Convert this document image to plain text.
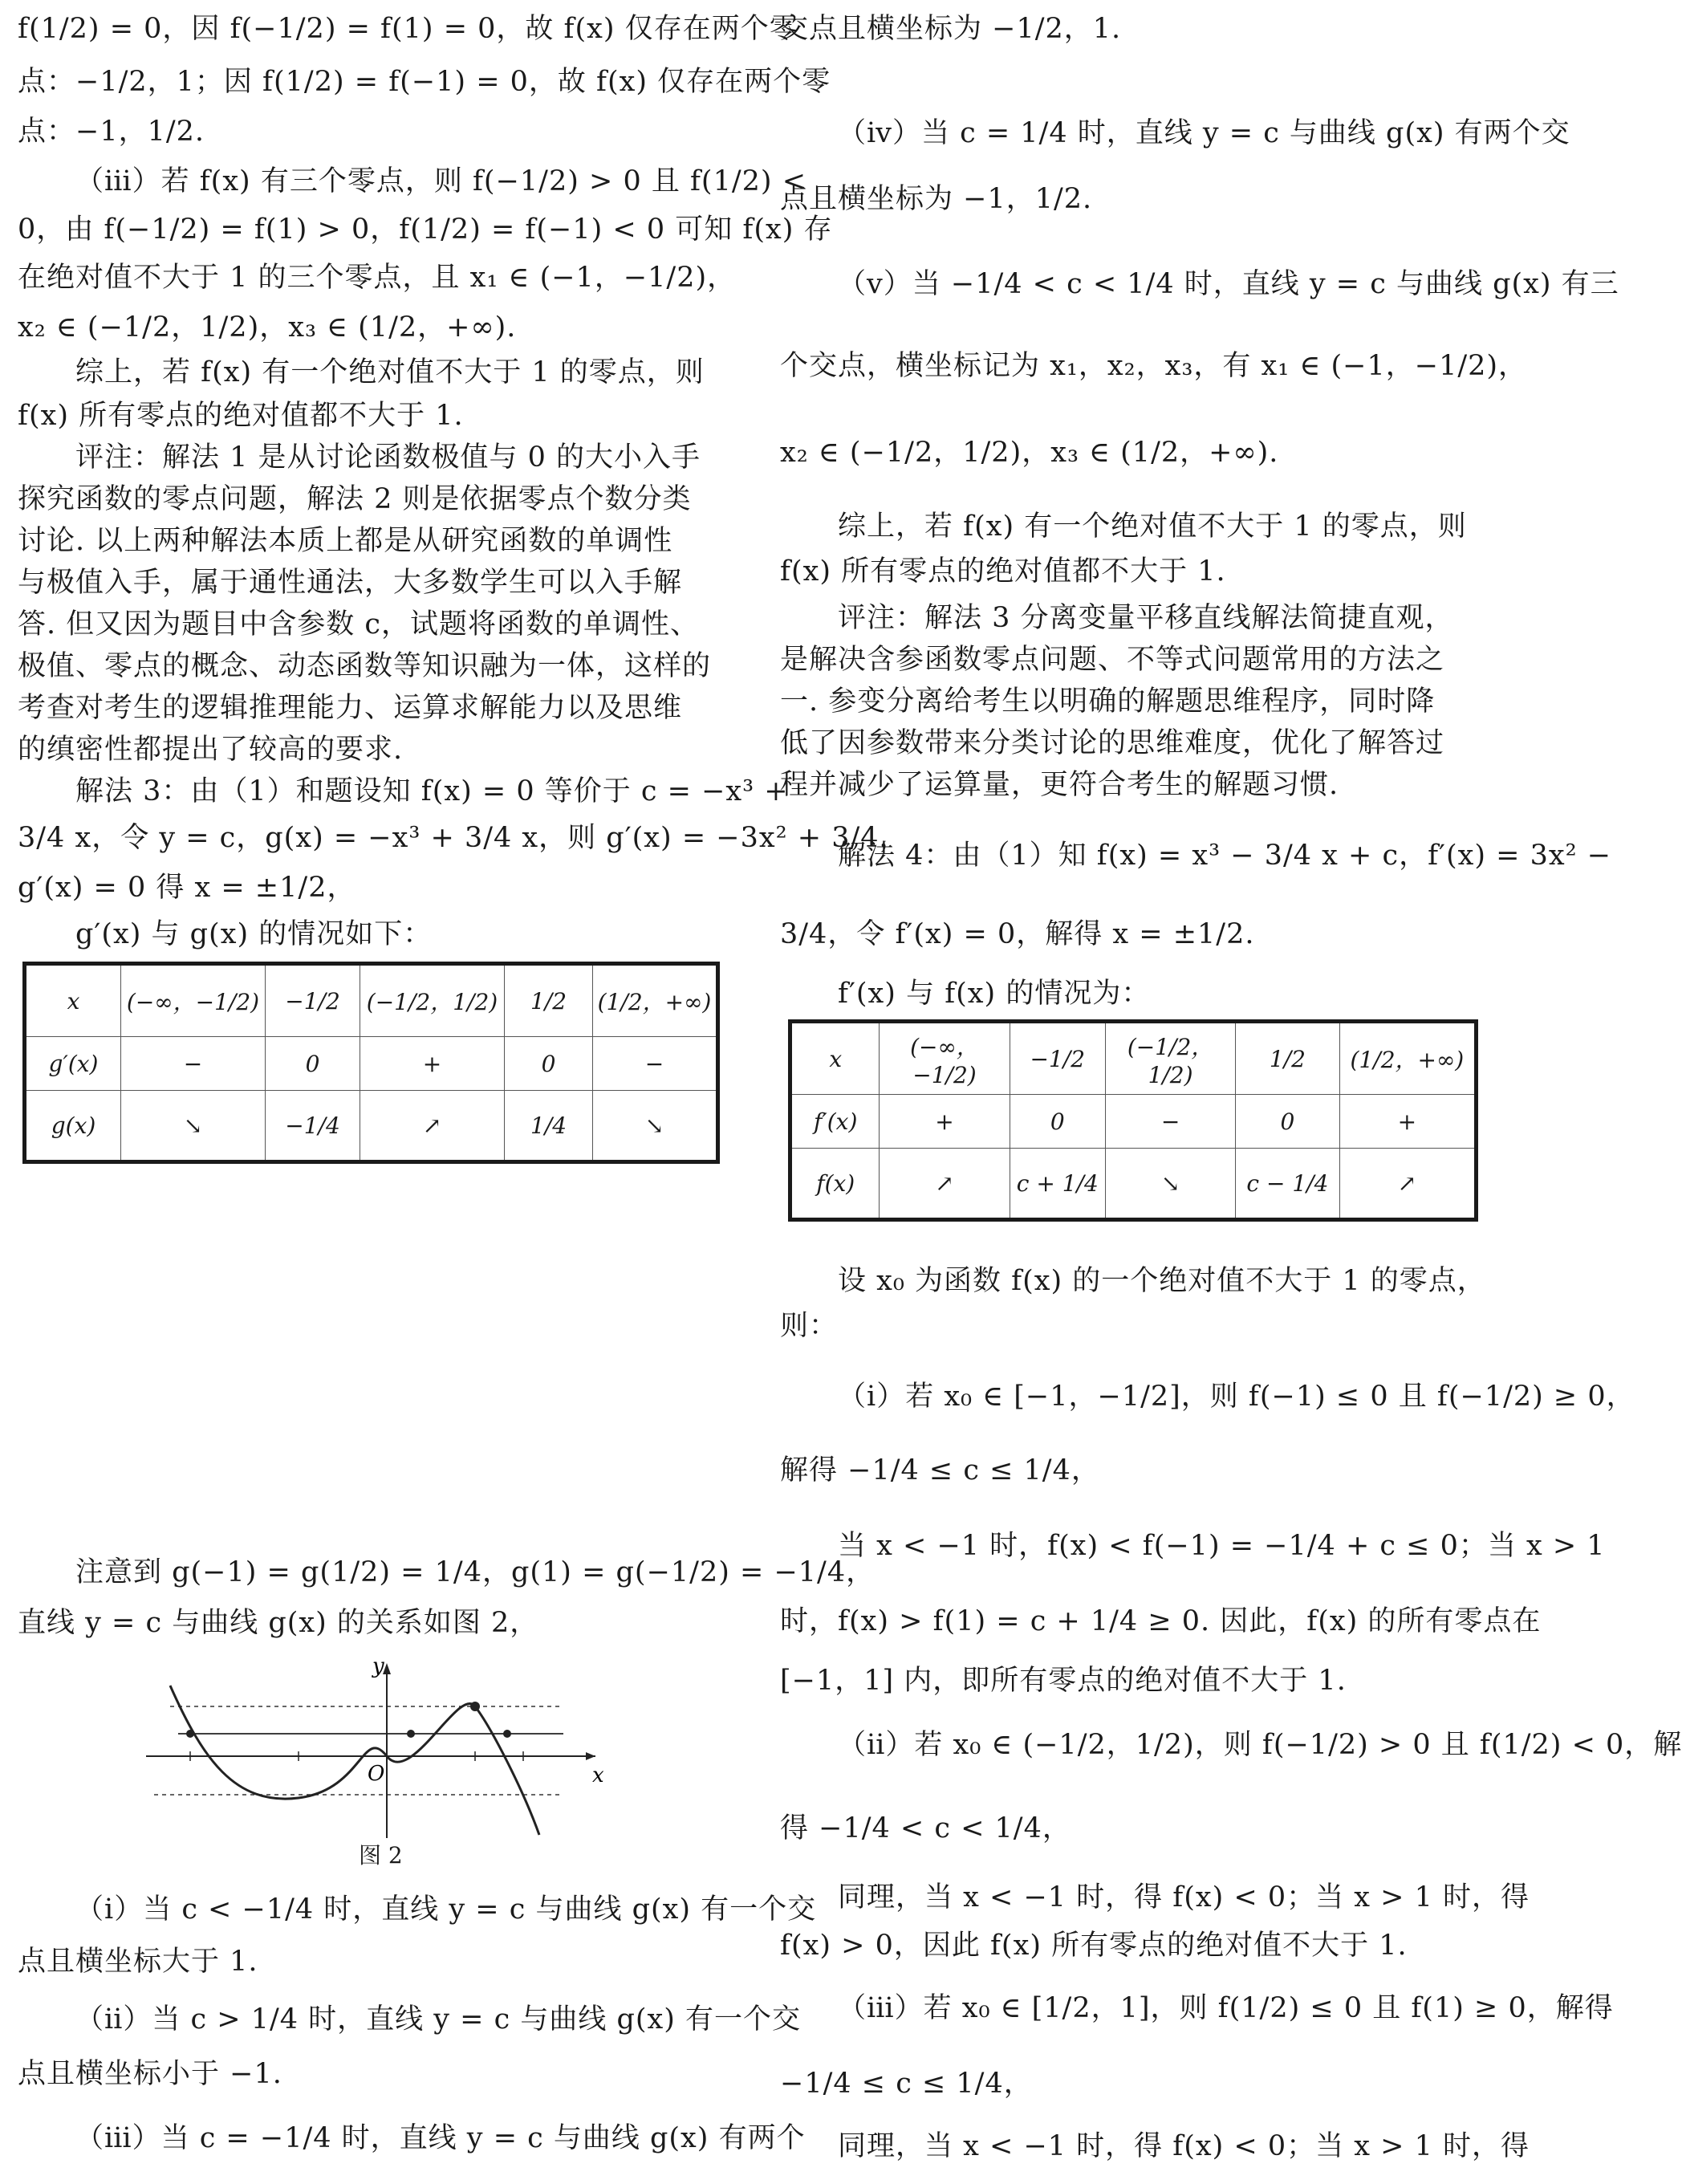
f(1/2) = 0，因 f(−1/2) = f(1) = 0，故 f(x) 仅存在两个零
点：−1/2，1；因 f(1/2) = f(−1) = 0，故 f(x) 仅存在两个零
点：−1，1/2.
（ⅲ）若 f(x) 有三个零点，则 f(−1/2) > 0 且 f(1/2) <
0，由 f(−1/2) = f(1) > 0，f(1/2) = f(−1) < 0 可知 f(x) 存
在绝对值不大于 1 的三个零点，且 x₁ ∈ (−1，−1/2)，
x₂ ∈ (−1/2，1/2)，x₃ ∈ (1/2，+∞).
综上，若 f(x) 有一个绝对值不大于 1 的零点，则
f(x) 所有零点的绝对值都不大于 1.
评注：解法 1 是从讨论函数极值与 0 的大小入手
探究函数的零点问题，解法 2 则是依据零点个数分类
讨论. 以上两种解法本质上都是从研究函数的单调性
与极值入手，属于通性通法，大多数学生可以入手解
答. 但又因为题目中含参数 c，试题将函数的单调性、
极值、零点的概念、动态函数等知识融为一体，这样的
考查对考生的逻辑推理能力、运算求解能力以及思维
的缜密性都提出了较高的要求.
解法 3：由（1）和题设知 f(x) = 0 等价于 c = −x³ +
3/4 x，令 y = c，g(x) = −x³ + 3/4 x，则 g′(x) = −3x² + 3/4，
g′(x) = 0 得 x = ±1/2，
g′(x) 与 g(x) 的情况如下：
x	(−∞，−1/2)	−1/2	(−1/2，1/2)	1/2	(1/2，+∞)
g′(x)	−	0	+	0	−
g(x)	↘	−1/4	↗	1/4	↘
注意到 g(−1) = g(1/2) = 1/4，g(1) = g(−1/2) = −1/4，
直线 y = c 与曲线 g(x) 的关系如图 2，
x
y
O
图 2
（ⅰ）当 c < −1/4 时，直线 y = c 与曲线 g(x) 有一个交
点且横坐标大于 1.
（ⅱ）当 c > 1/4 时，直线 y = c 与曲线 g(x) 有一个交
点且横坐标小于 −1.
（ⅲ）当 c = −1/4 时，直线 y = c 与曲线 g(x) 有两个
交点且横坐标为 −1/2，1.
（ⅳ）当 c = 1/4 时，直线 y = c 与曲线 g(x) 有两个交
点且横坐标为 −1，1/2.
（ⅴ）当 −1/4 < c < 1/4 时，直线 y = c 与曲线 g(x) 有三
个交点，横坐标记为 x₁，x₂，x₃，有 x₁ ∈ (−1，−1/2)，
x₂ ∈ (−1/2，1/2)，x₃ ∈ (1/2，+∞).
综上，若 f(x) 有一个绝对值不大于 1 的零点，则
f(x) 所有零点的绝对值都不大于 1.
评注：解法 3 分离变量平移直线解法简捷直观，
是解决含参函数零点问题、不等式问题常用的方法之
一. 参变分离给考生以明确的解题思维程序，同时降
低了因参数带来分类讨论的思维难度，优化了解答过
程并减少了运算量，更符合考生的解题习惯.
解法 4：由（1）知 f(x) = x³ − 3/4 x + c，f′(x) = 3x² −
3/4，令 f′(x) = 0，解得 x = ±1/2.
f′(x) 与 f(x) 的情况为：
x	(−∞，−1/2)	−1/2	(−1/2，1/2)	1/2	(1/2，+∞)
f′(x)	+	0	−	0	+
f(x)	↗	c + 1/4	↘	c − 1/4	↗
设 x₀ 为函数 f(x) 的一个绝对值不大于 1 的零点，
则：
（ⅰ）若 x₀ ∈ [−1，−1/2]，则 f(−1) ≤ 0 且 f(−1/2) ≥ 0，
解得 −1/4 ≤ c ≤ 1/4，
当 x < −1 时，f(x) < f(−1) = −1/4 + c ≤ 0；当 x > 1
时，f(x) > f(1) = c + 1/4 ≥ 0. 因此，f(x) 的所有零点在
[−1，1] 内，即所有零点的绝对值不大于 1.
（ⅱ）若 x₀ ∈ (−1/2，1/2)，则 f(−1/2) > 0 且 f(1/2) < 0，解
得 −1/4 < c < 1/4，
同理，当 x < −1 时，得 f(x) < 0；当 x > 1 时，得
f(x) > 0，因此 f(x) 所有零点的绝对值不大于 1.
（ⅲ）若 x₀ ∈ [1/2，1]，则 f(1/2) ≤ 0 且 f(1) ≥ 0，解得
−1/4 ≤ c ≤ 1/4，
同理，当 x < −1 时，得 f(x) < 0；当 x > 1 时，得
